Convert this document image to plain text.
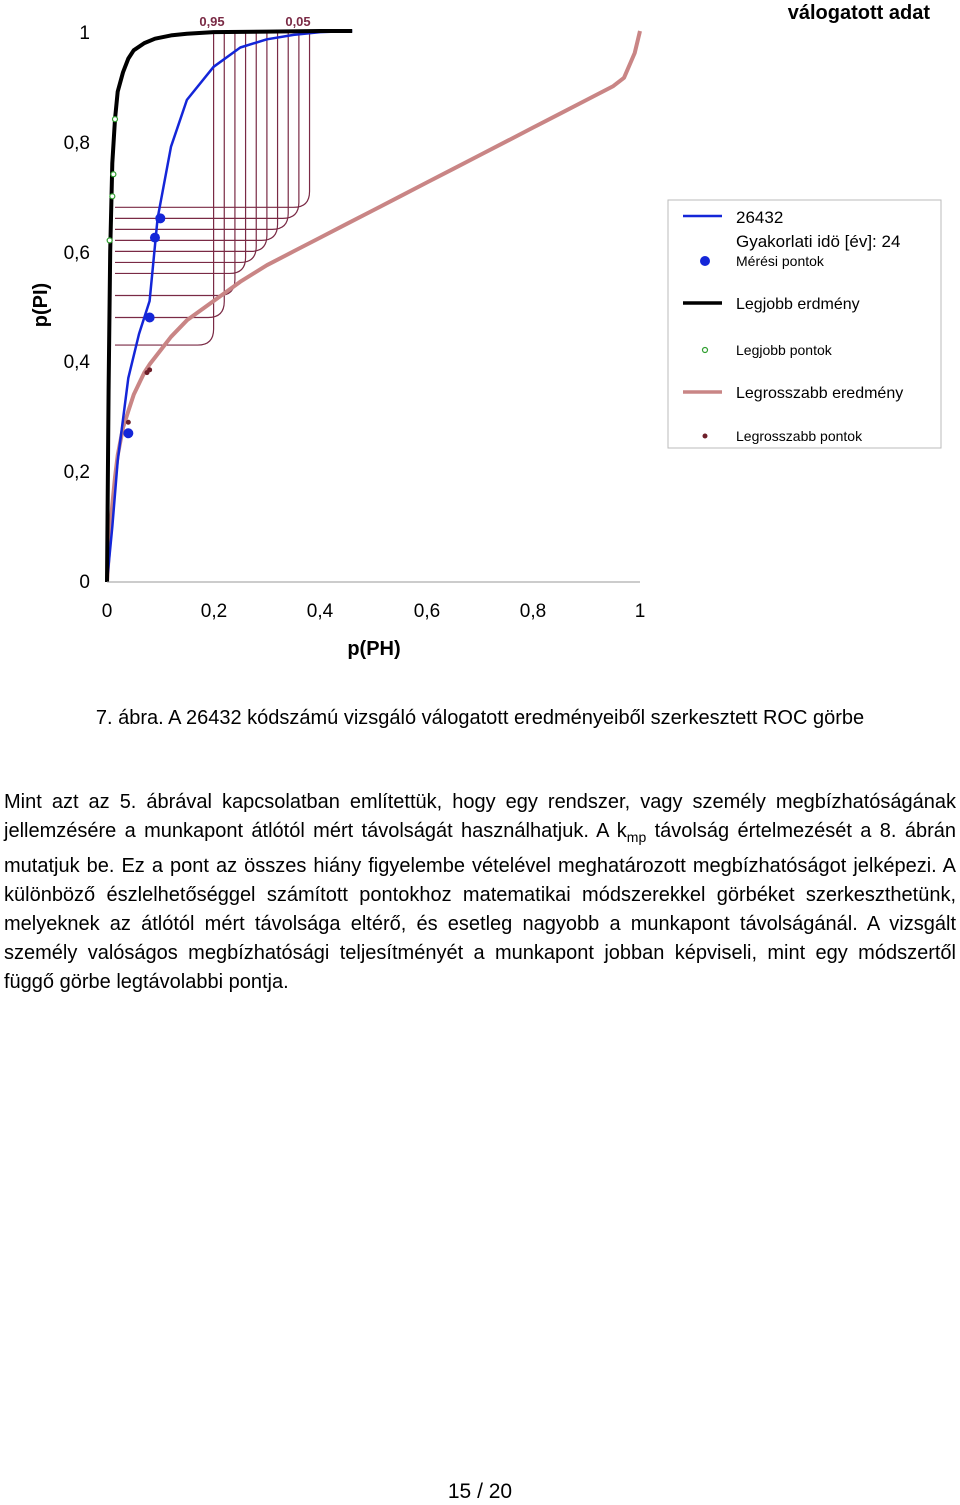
0	0,2	0,4	0,6	0,8	1
0
0,2
0,4
0,6
0,8
1
p(PH)
p(PI)
válogatott adat
0,95	0,05
26432
Gyakorlati idö [év]: 24
Mérési pontok
Legjobb erdmény
Legjobb pontok
Legrosszabb eredmény
Legrosszabb pontok
7. ábra. A 26432 kódszámú vizsgáló válogatott eredményeiből szerkesztett ROC görbe

Mint azt az 5. ábrával kapcsolatban említettük, hogy egy rendszer, vagy személy megbízhatóságának jellemzésére a munkapont átlótól mért távolságát használhatjuk. A $k_{mp}$ távolság értelmezését a 8. ábrán mutatjuk be. Ez a pont az összes hiány figyelembe vételével meghatározott megbízhatóságot jelképezi. A különböző észlelhetőséggel számított pontokhoz matematikai módszerekkel görbéket szerkeszthetünk, melyeknek az átlótól mért távolsága eltérő, és esetleg nagyobb a munkapont távolságánál. A vizsgált személy valóságos megbízhatósági teljesítményét a munkapont jobban képviseli, mint egy módszertől függő görbe legtávolabbi pontja.

15 / 20
